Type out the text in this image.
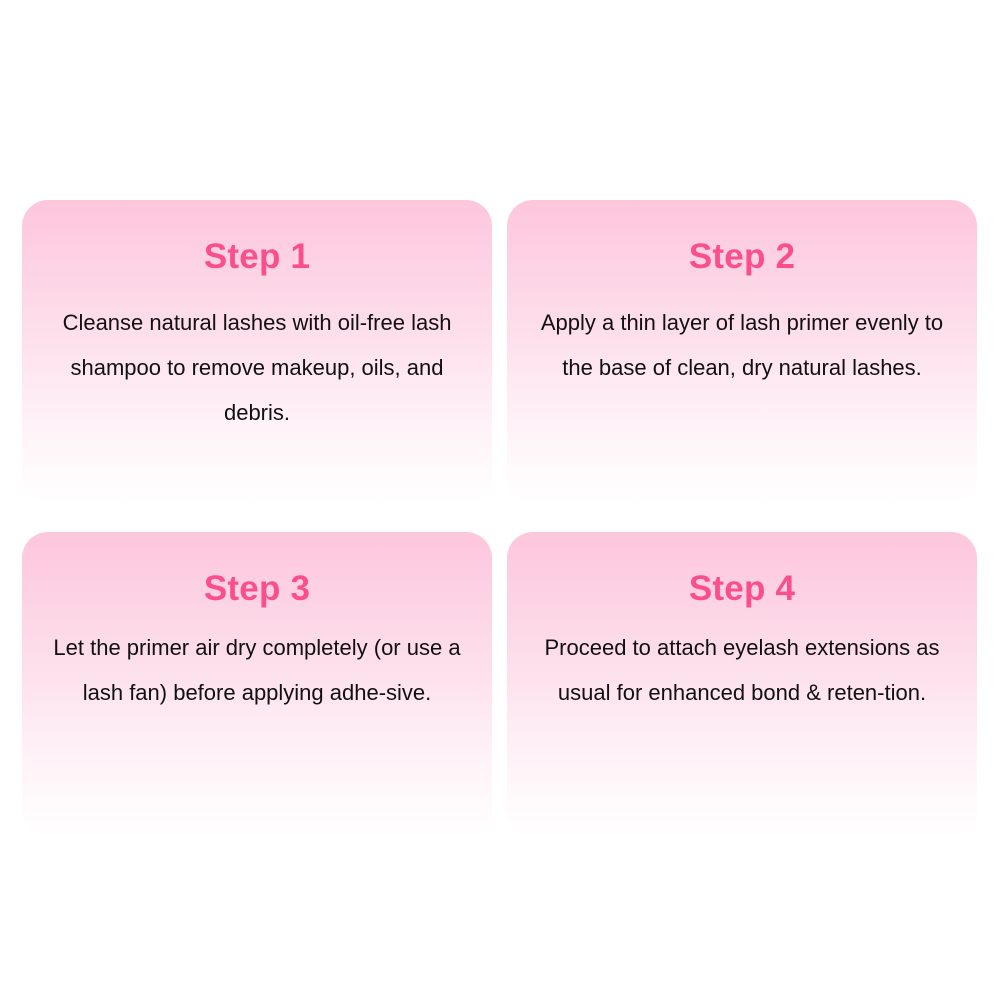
Step 1

Cleanse natural lashes with oil-free lash shampoo to remove makeup, oils, and debris.

Step 2

Apply a thin layer of lash primer evenly to the base of clean, dry natural lashes.

Step 3

Let the primer air dry completely (or use a lash fan) before applying adhe-sive.

Step 4

Proceed to attach eyelash extensions as usual for enhanced bond & reten-tion.
